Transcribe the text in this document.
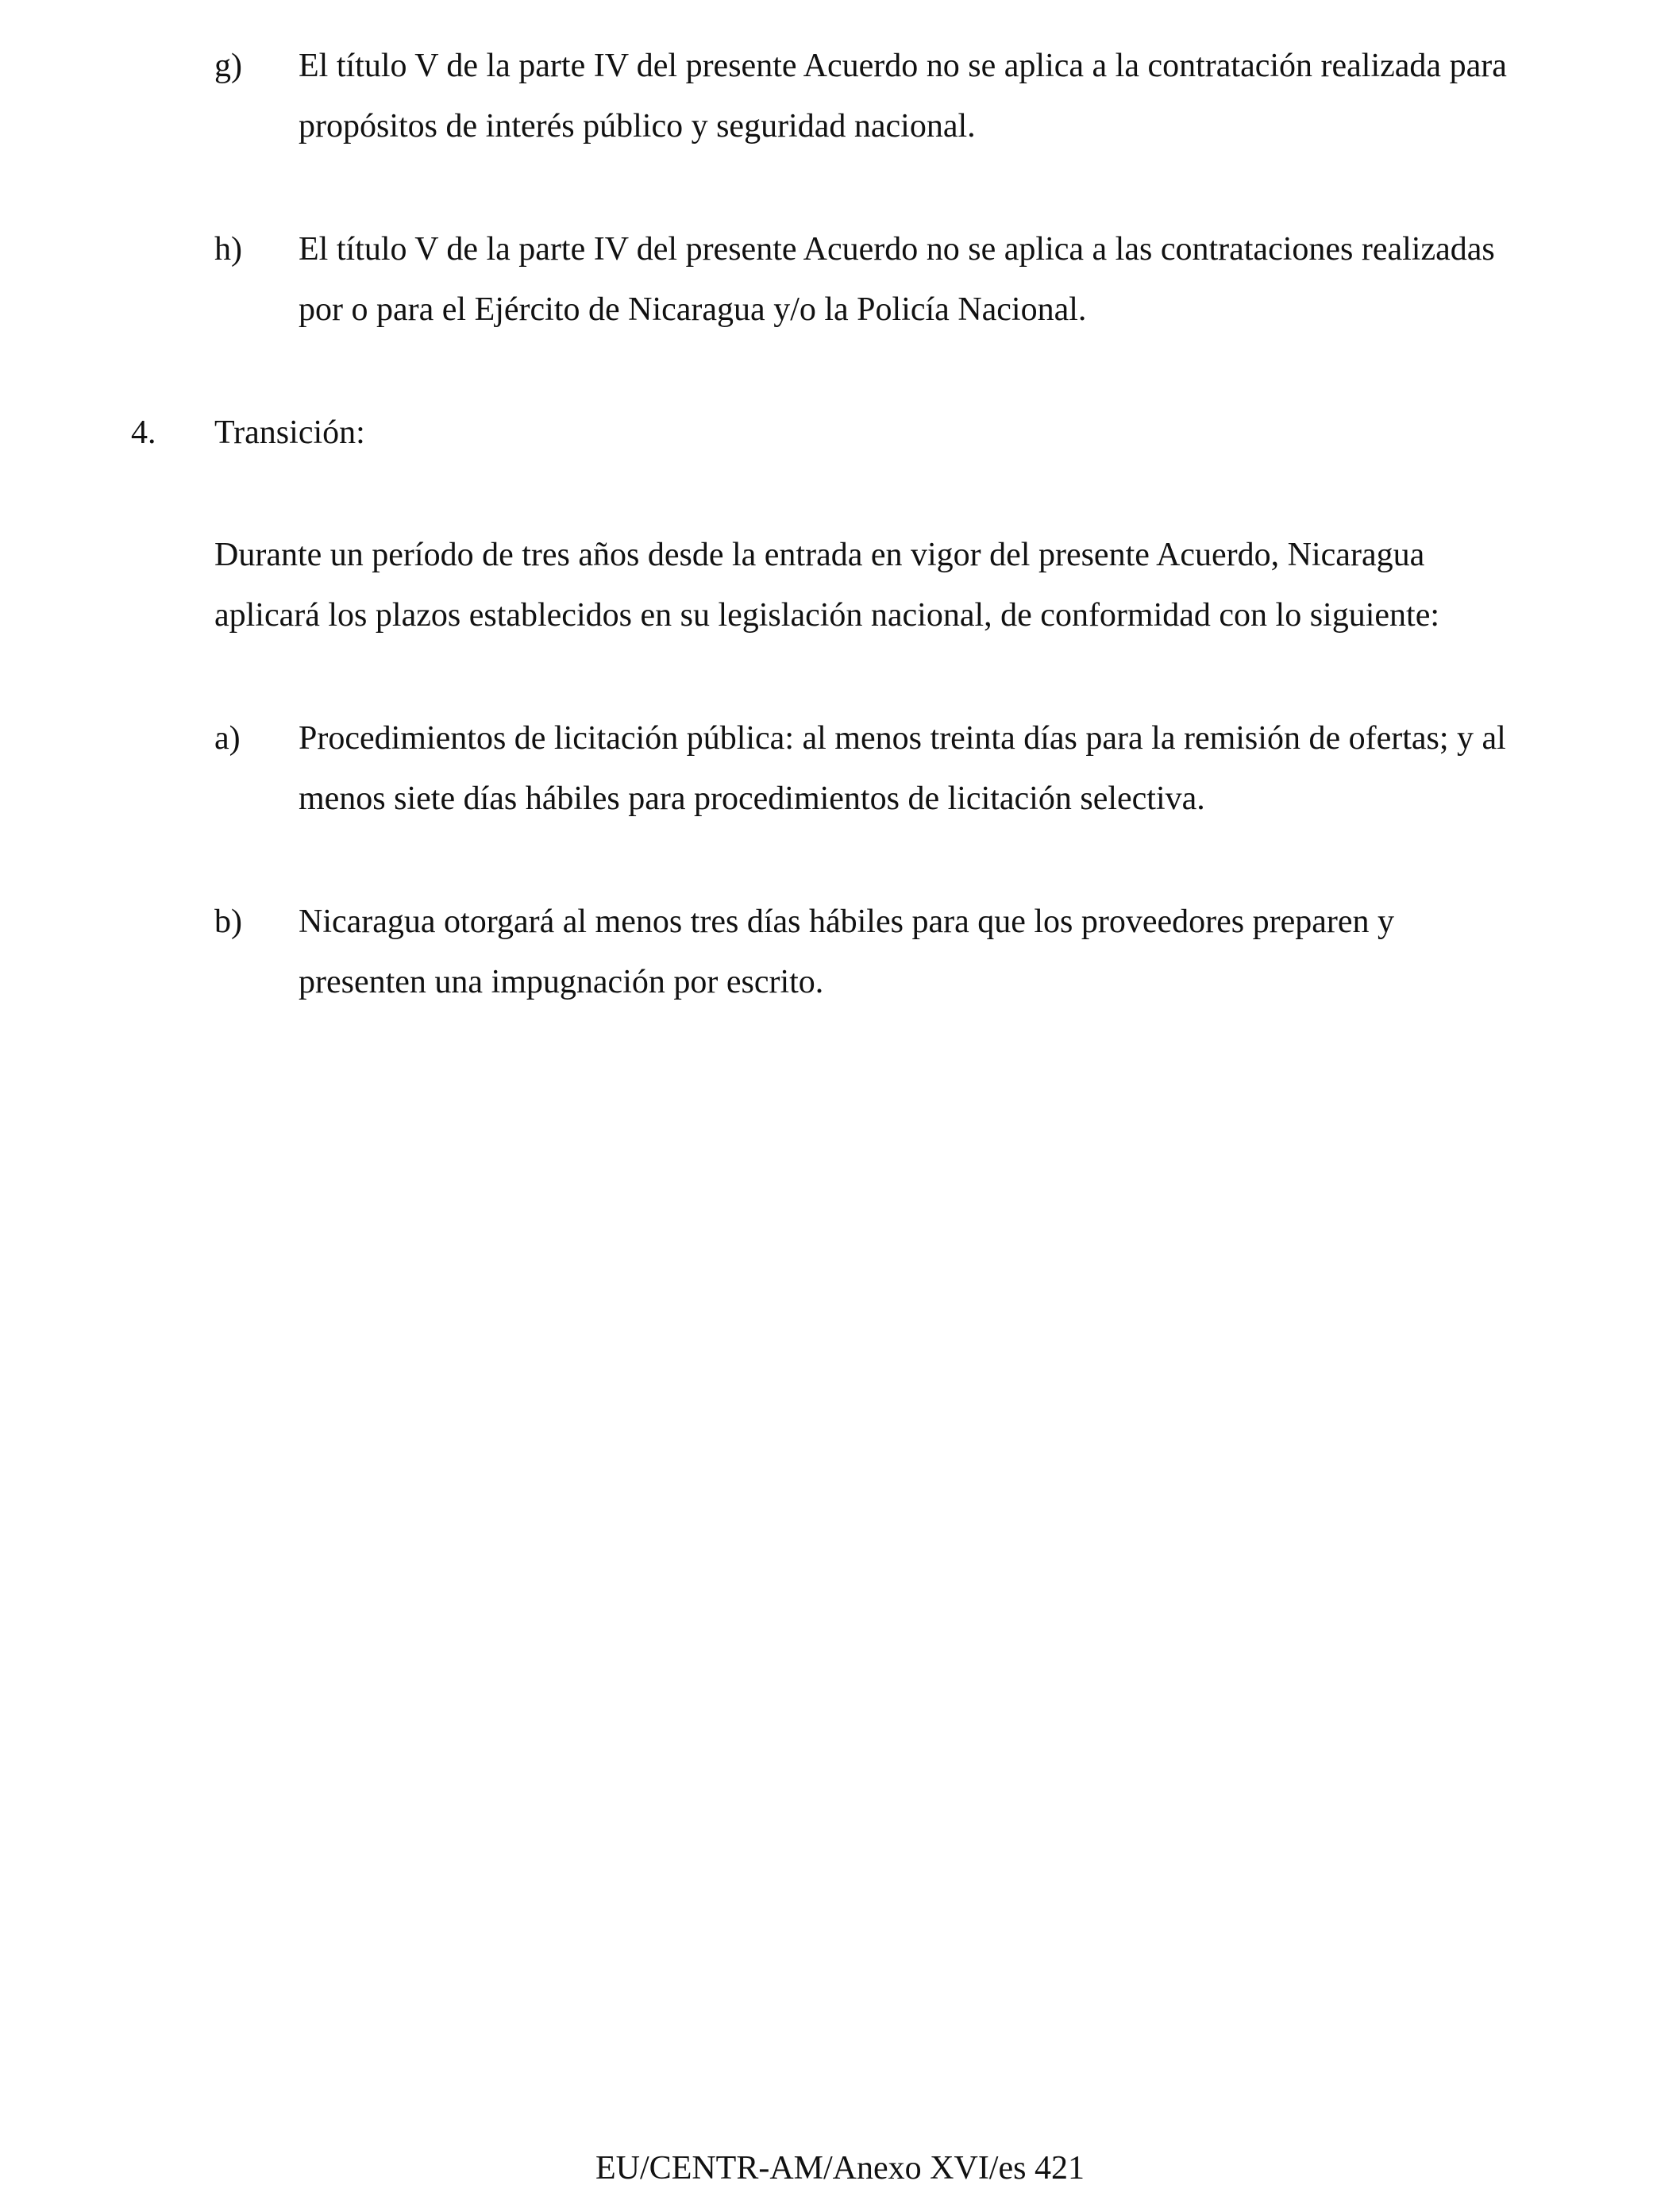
g) El título V de la parte IV del presente Acuerdo no se aplica a la contratación realizada para propósitos de interés público y seguridad nacional.
h) El título V de la parte IV del presente Acuerdo no se aplica a las contrataciones realizadas por o para el Ejército de Nicaragua y/o la Policía Nacional.
4. Transición:
Durante un período de tres años desde la entrada en vigor del presente Acuerdo, Nicaragua aplicará los plazos establecidos en su legislación nacional, de conformidad con lo siguiente:
a) Procedimientos de licitación pública: al menos treinta días para la remisión de ofertas; y al menos siete días hábiles para procedimientos de licitación selectiva.
b) Nicaragua otorgará al menos tres días hábiles para que los proveedores preparen y presenten una impugnación por escrito.
EU/CENTR-AM/Anexo XVI/es 421
